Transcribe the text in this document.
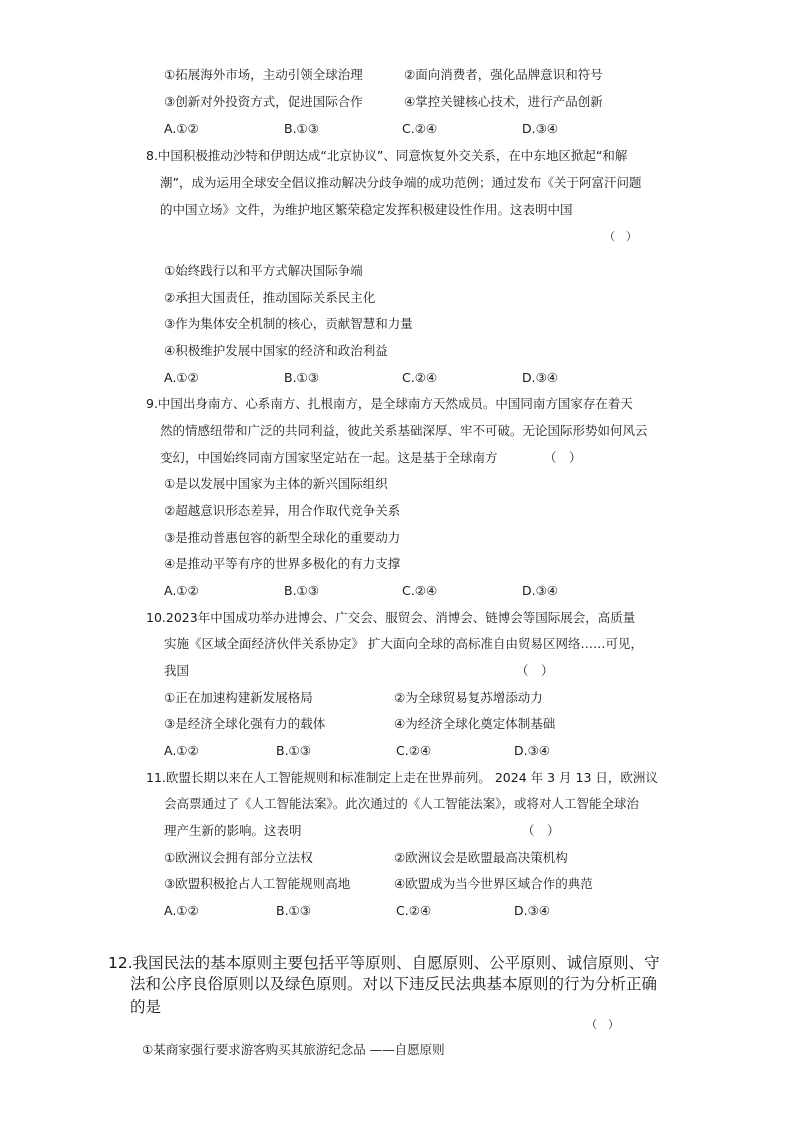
①拓展海外市场，主动引领全球治理	②面向消费者，强化品牌意识和符号
③创新对外投资方式，促进国际合作	④掌控关键核心技术，进行产品创新
A.①②	B.①③	C.②④	D.③④
8.中国积极推动沙特和伊朗达成“北京协议”、同意恢复外交关系，在中东地区掀起“和解
潮”，成为运用全球安全倡议推动解决分歧争端的成功范例；通过发布《关于阿富汗问题
的中国立场》文件，为维护地区繁荣稳定发挥积极建设性作用。这表明中国
（　）
①始终践行以和平方式解决国际争端
②承担大国责任，推动国际关系民主化
③作为集体安全机制的核心，贡献智慧和力量
④积极维护发展中国家的经济和政治利益
A.①②	B.①③	C.②④	D.③④
9.中国出身南方、心系南方、扎根南方，是全球南方天然成员。中国同南方国家存在着天
然的情感纽带和广泛的共同利益，彼此关系基础深厚、牢不可破。无论国际形势如何风云
变幻，中国始终同南方国家坚定站在一起。这是基于全球南方	（　）
①是以发展中国家为主体的新兴国际组织
②超越意识形态差异，用合作取代竞争关系
③是推动普惠包容的新型全球化的重要动力
④是推动平等有序的世界多极化的有力支撑
A.①②	B.①③	C.②④	D.③④
10.2023年中国成功举办进博会、广交会、服贸会、消博会、链博会等国际展会，高质量
实施《区域全面经济伙伴关系协定》 扩大面向全球的高标准自由贸易区网络……可见，
我国	（　）
①正在加速构建新发展格局	②为全球贸易复苏增添动力
③是经济全球化强有力的载体	④为经济全球化奠定体制基础
A.①②	B.①③	C.②④	D.③④
11.欧盟长期以来在人工智能规则和标准制定上走在世界前列。 2024 年 3 月 13 日，欧洲议
会高票通过了《人工智能法案》。此次通过的《人工智能法案》，或将对人工智能全球治
理产生新的影响。这表明	（　）
①欧洲议会拥有部分立法权	②欧洲议会是欧盟最高决策机构
③欧盟积极抢占人工智能规则高地	④欧盟成为当今世界区域合作的典范
A.①②	B.①③	C.②④	D.③④
12.我国民法的基本原则主要包括平等原则、自愿原则、公平原则、诚信原则、守
法和公序良俗原则以及绿色原则。对以下违反民法典基本原则的行为分析正确
的是
（　）
①某商家强行要求游客购买其旅游纪念品 ——自愿原则
